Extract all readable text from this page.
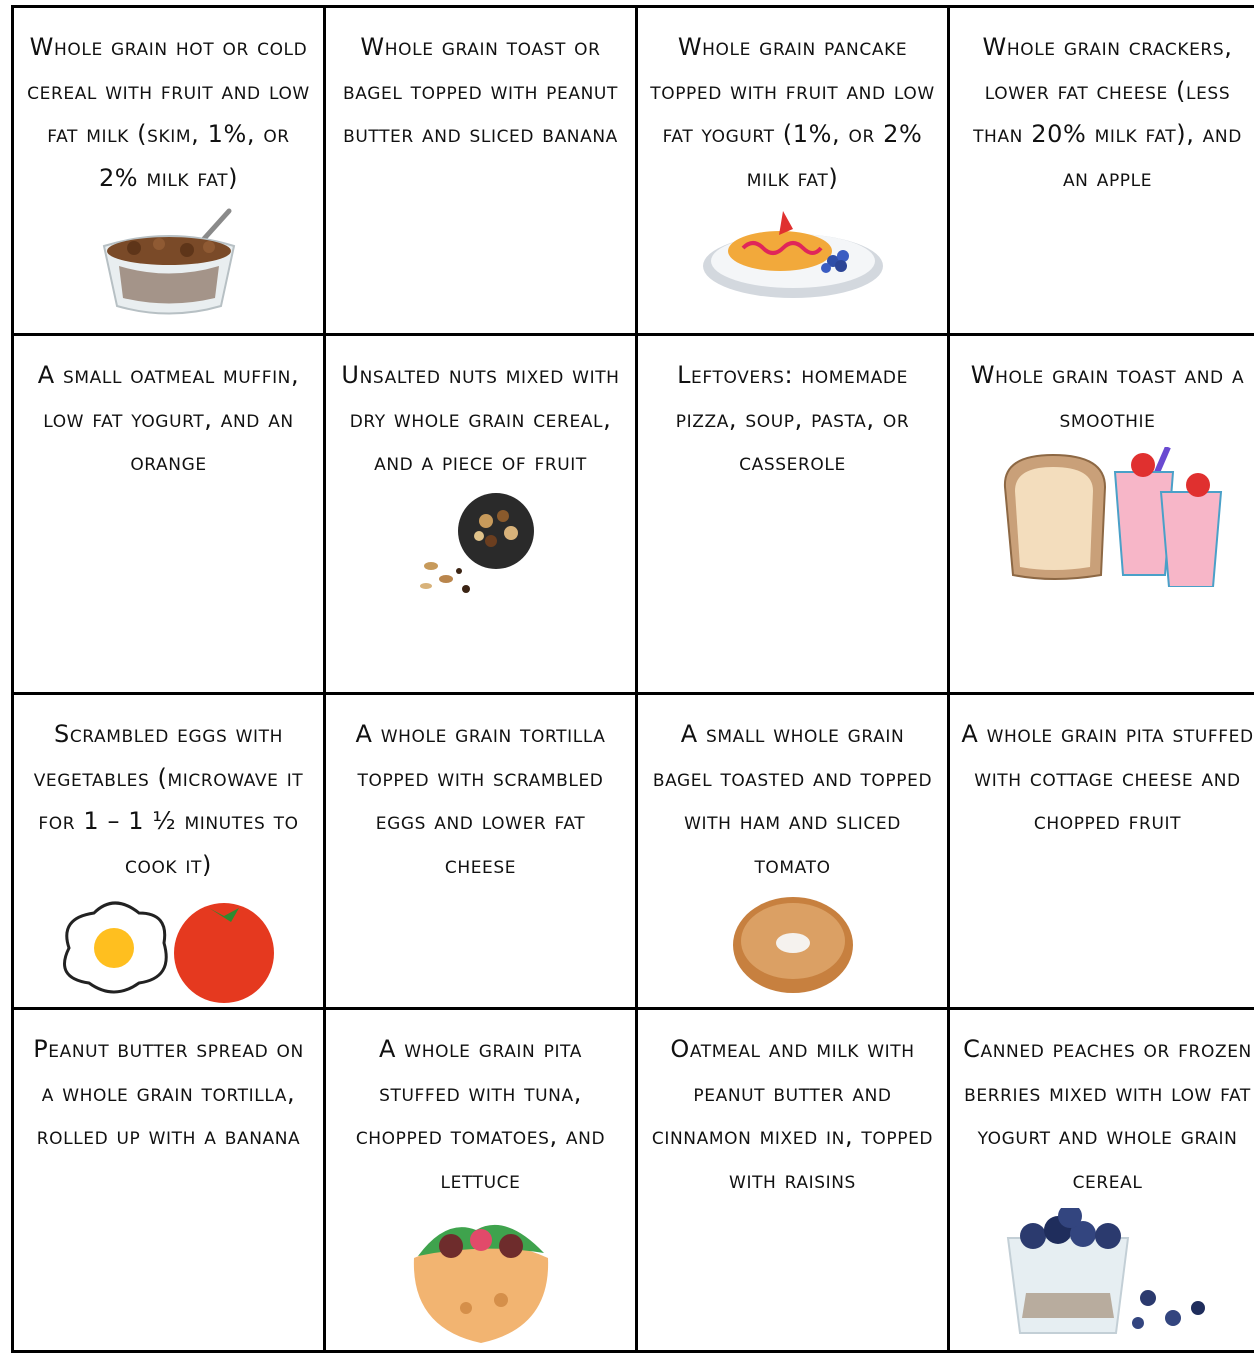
Whole grain hot or cold cereal with fruit and low fat milk (skim, 1%, or 2% milk fat)	whole grain toast or bagel topped with peanut butter and sliced banana	whole grain pancake topped with fruit and low fat yogurt (1%, or 2% milk fat)	whole grain crackers, lower fat cheese (less than 20% milk fat), and an apple

A small oatmeal muffin, low fat yogurt, and an orange	unsalted nuts mixed with dry whole grain cereal, and a piece of fruit	leftovers: homemade pizza, soup, pasta, or casserole	whole grain toast and a smoothie

Scrambled eggs with vegetables (microwave it for 1 – 1 ½ minutes to cook it)	a whole grain tortilla topped with scrambled eggs and lower fat cheese	a small whole grain bagel toasted and topped with ham and sliced tomato	a whole grain pita stuffed with cottage cheese and chopped fruit

Peanut butter spread on a whole grain tortilla, rolled up with a banana	a whole grain pita stuffed with tuna, chopped tomatoes, and lettuce	oatmeal and milk with peanut butter and cinnamon mixed in, topped with raisins	canned peaches or frozen berries mixed with low fat yogurt and whole grain cereal
